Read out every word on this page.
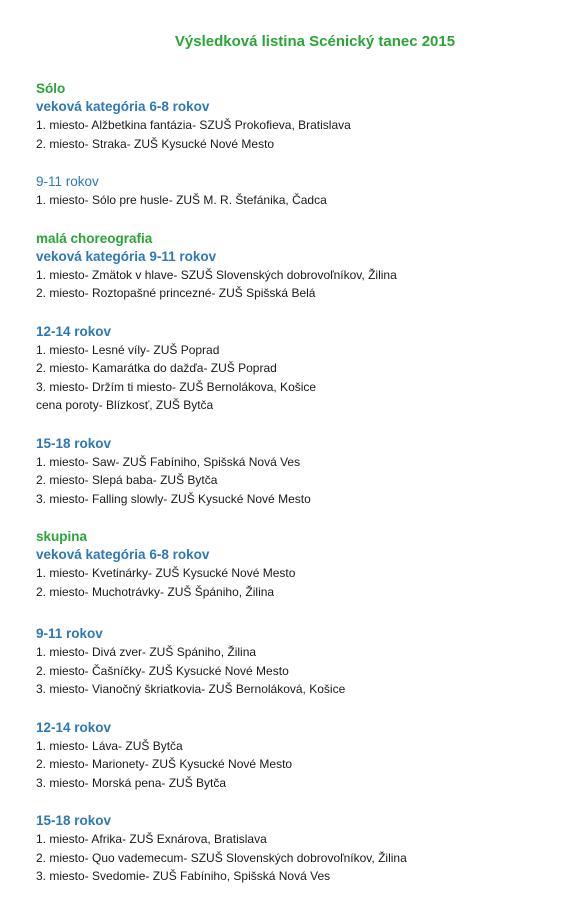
Výsledková listina Scénický tanec 2015
Sólo
veková kategória 6-8 rokov
1. miesto- Alžbetkina fantázia- SZUŠ Prokofieva, Bratislava
2. miesto- Straka- ZUŠ Kysucké Nové Mesto
9-11 rokov
1. miesto- Sólo pre husle- ZUŠ M. R. Štefánika, Čadca
malá choreografia
veková kategória 9-11 rokov
1. miesto- Zmätok v hlave- SZUŠ Slovenských dobrovoľníkov, Žilina
2. miesto- Roztopašné princezné- ZUŠ Spišská Belá
12-14 rokov
1. miesto- Lesné víly- ZUŠ Poprad
2. miesto- Kamarátka do dažďa- ZUŠ Poprad
3. miesto- Držím ti miesto- ZUŠ Bernolákova, Košice
cena poroty- Blízkosť, ZUŠ Bytča
15-18 rokov
1. miesto- Saw- ZUŠ Fabíniho, Spišská Nová Ves
2. miesto- Slepá baba- ZUŠ Bytča
3. miesto- Falling slowly- ZUŠ Kysucké Nové Mesto
skupina
veková kategória 6-8 rokov
1. miesto- Kvetinárky- ZUŠ Kysucké Nové Mesto
2. miesto- Muchotrávky- ZUŠ Špániho, Žilina
9-11 rokov
1. miesto- Divá zver- ZUŠ Spániho, Žilina
2. miesto- Čašníčky- ZUŠ Kysucké Nové Mesto
3. miesto- Vianočný škriatkovia- ZUŠ Bernoláková, Košice
12-14 rokov
1. miesto- Láva- ZUŠ Bytča
2. miesto- Marionety- ZUŠ Kysucké Nové Mesto
3. miesto- Morská pena- ZUŠ Bytča
15-18 rokov
1. miesto- Afrika- ZUŠ Exnárova, Bratislava
2. miesto- Quo vademecum- SZUŠ Slovenských dobrovoľníkov, Žilina
3. miesto- Svedomie- ZUŠ Fabíniho, Spišská Nová Ves
